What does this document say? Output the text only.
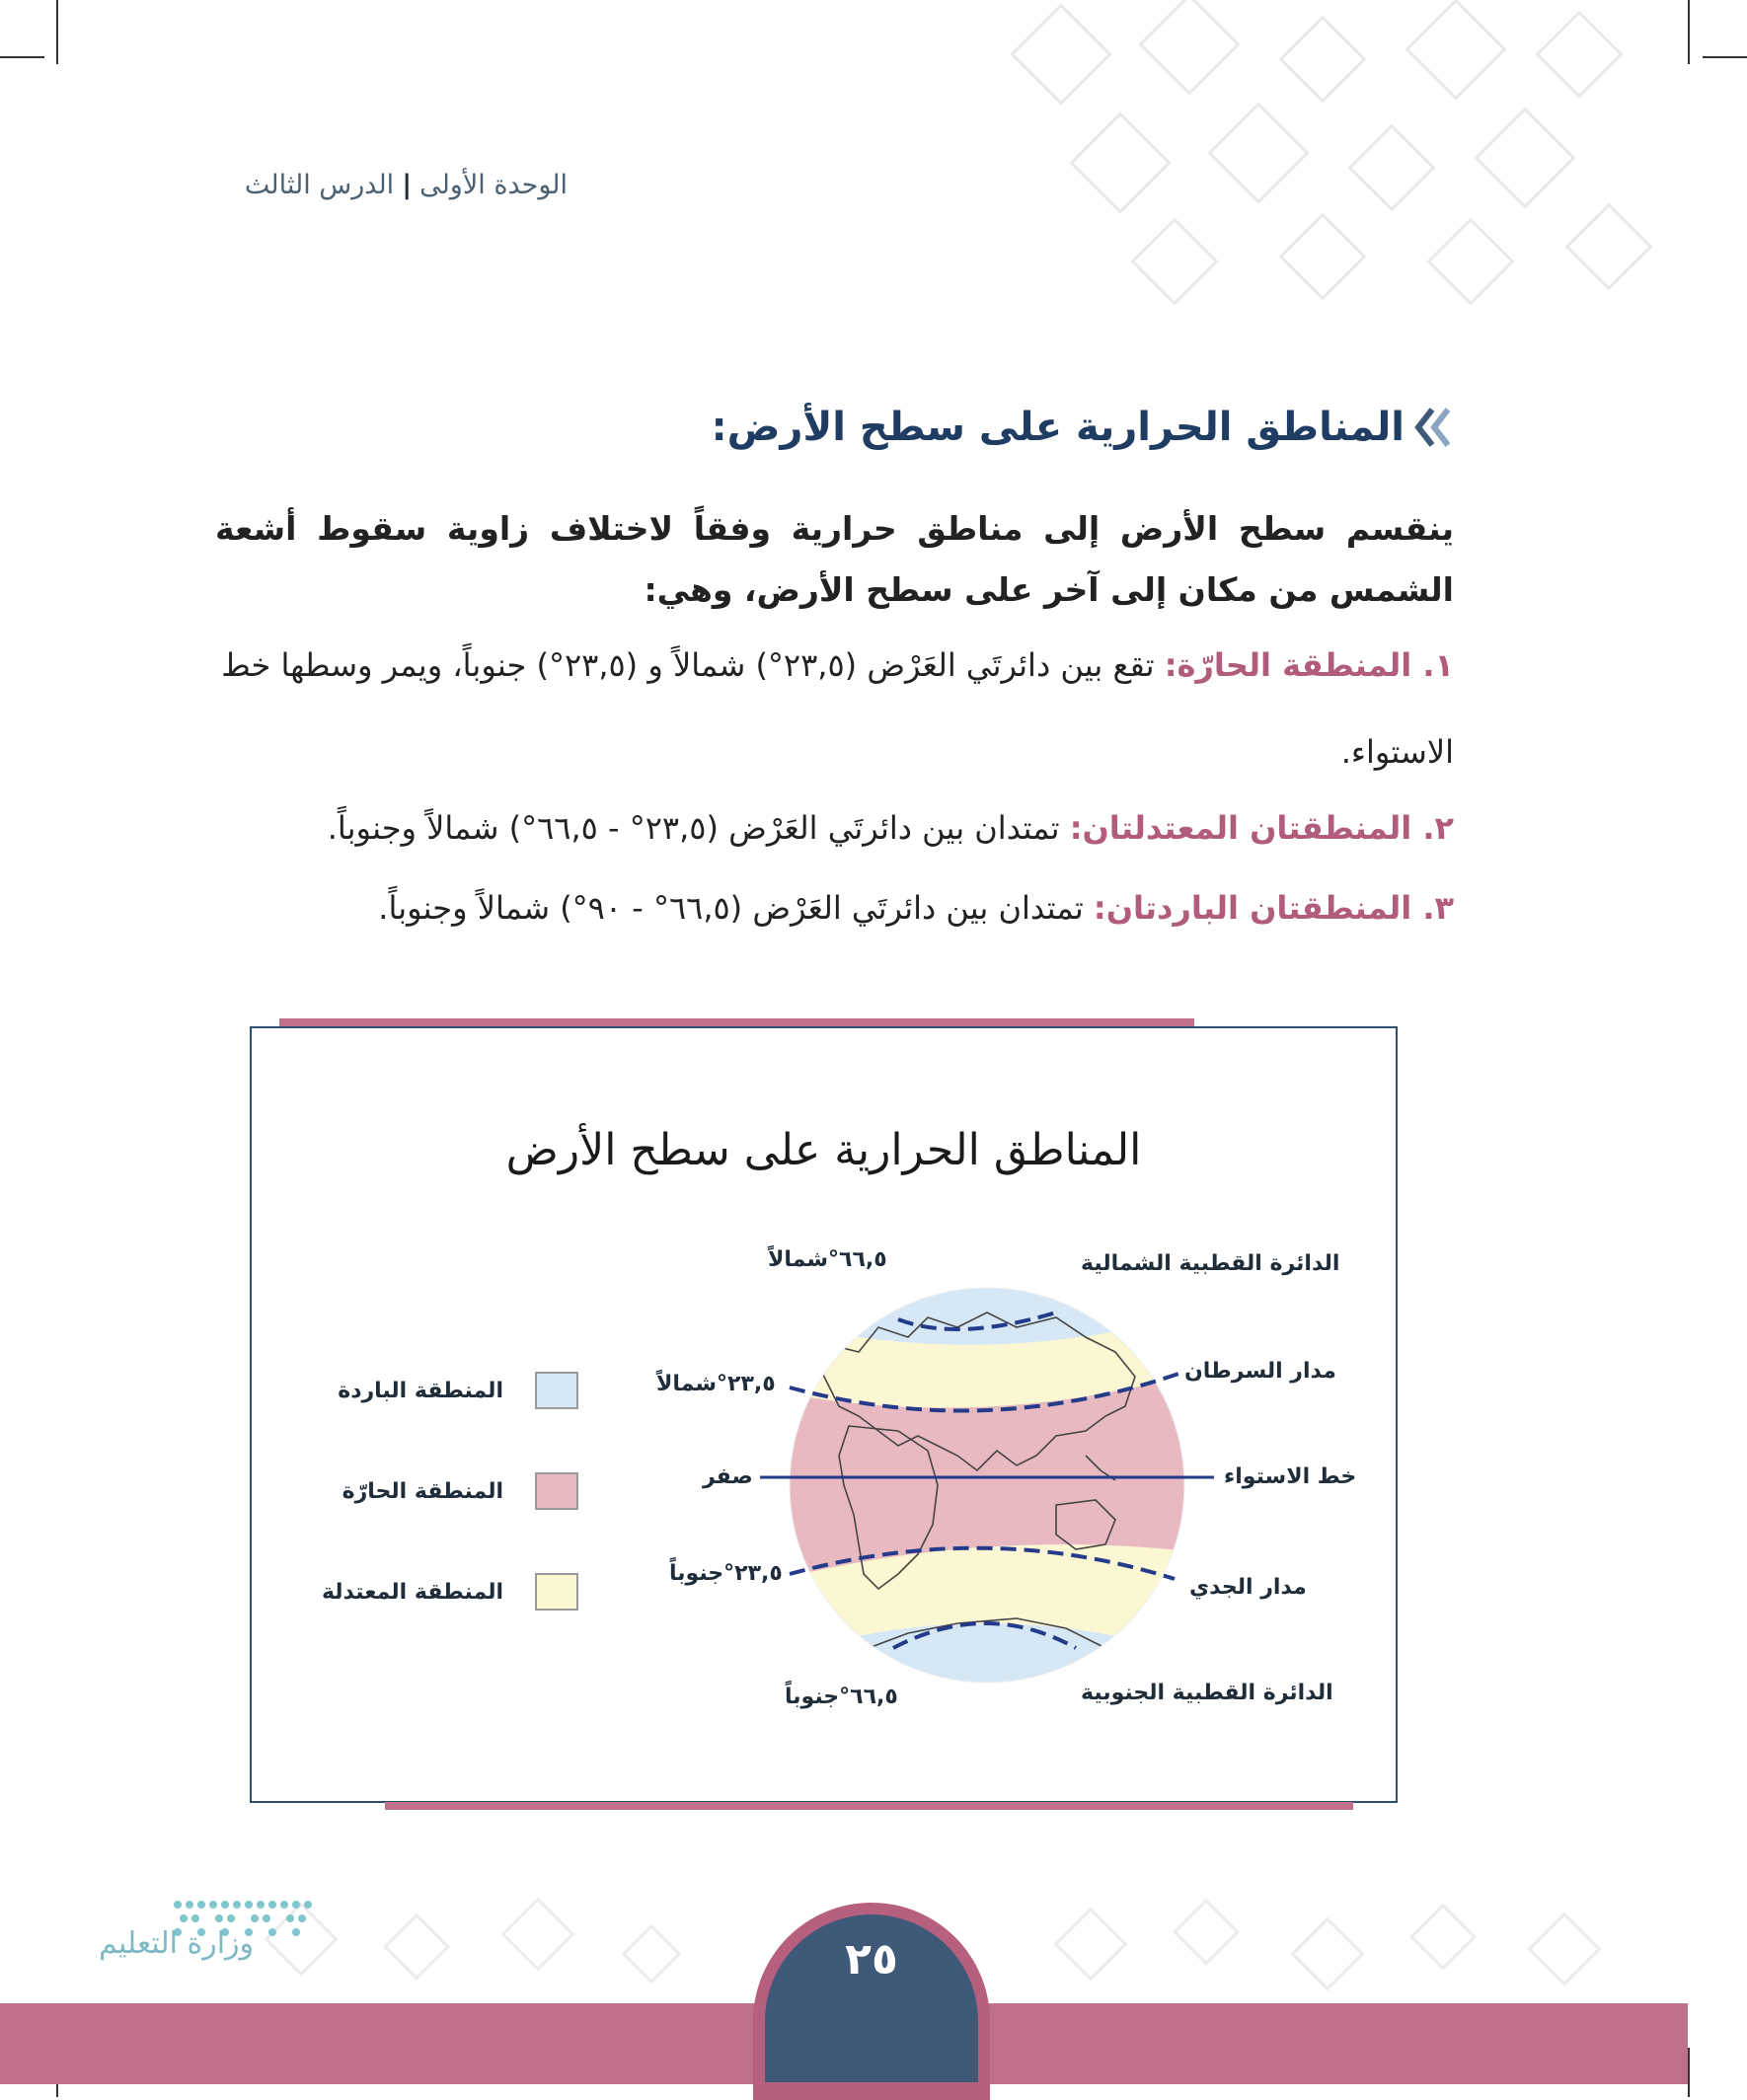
الوحدة الأولى|الدرس الثالث
المناطق الحرارية على سطح الأرض:
ينقسم سطح الأرض إلى مناطق حرارية وفقاً لاختلاف زاوية سقوط أشعة الشمس من مكان إلى آخر على سطح الأرض، وهي:
١. المنطقة الحارّة: تقع بين دائرتَي العَرْض (٢٣,٥°) شمالاً و (٢٣,٥°) جنوباً، ويمر وسطها خط الاستواء.
٢. المنطقتان المعتدلتان: تمتدان بين دائرتَي العَرْض (٢٣,٥° - ٦٦,٥°) شمالاً وجنوباً.
٣. المنطقتان الباردتان: تمتدان بين دائرتَي العَرْض (٦٦,٥° - ٩٠°) شمالاً وجنوباً.
المناطق الحرارية على سطح الأرض
الدائرة القطبية الشمالية
مدار السرطان
خط الاستواء
مدار الجدي
الدائرة القطبية الجنوبية
٦٦,٥°شمالاً
٢٣,٥°شمالاً
صفر
٢٣,٥°جنوباً
٦٦,٥°جنوباً
المنطقة الباردة
المنطقة الحارّة
المنطقة المعتدلة
٢٥
وزارة التعليم
